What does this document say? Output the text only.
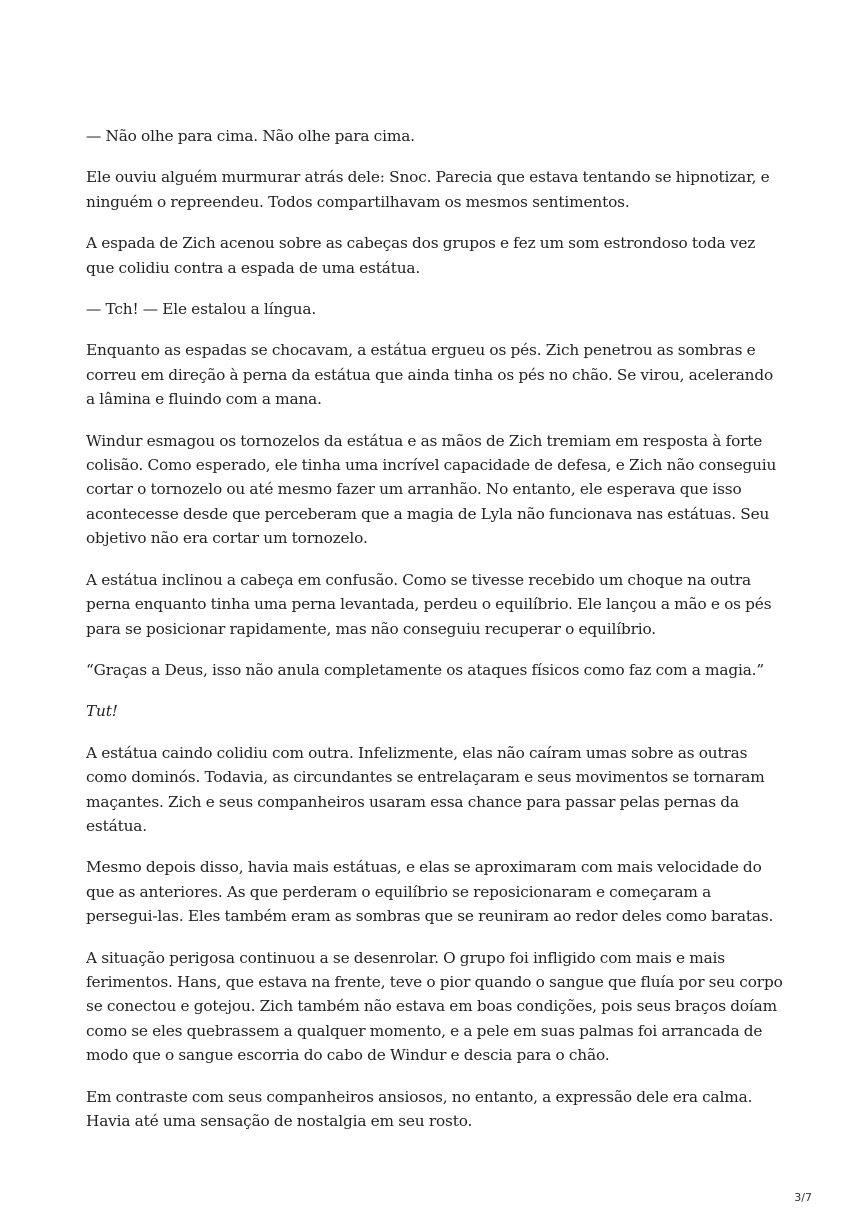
— Não olhe para cima. Não olhe para cima.

Ele ouviu alguém murmurar atrás dele: Snoc. Parecia que estava tentando se hipnotizar, e ninguém o repreendeu. Todos compartilhavam os mesmos sentimentos.

A espada de Zich acenou sobre as cabeças dos grupos e fez um som estrondoso toda vez que colidiu contra a espada de uma estátua.

— Tch! — Ele estalou a língua.

Enquanto as espadas se chocavam, a estátua ergueu os pés. Zich penetrou as sombras e correu em direção à perna da estátua que ainda tinha os pés no chão. Se virou, acelerando a lâmina e fluindo com a mana.

Windur esmagou os tornozelos da estátua e as mãos de Zich tremiam em resposta à forte colisão. Como esperado, ele tinha uma incrível capacidade de defesa, e Zich não conseguiu cortar o tornozelo ou até mesmo fazer um arranhão. No entanto, ele esperava que isso acontecesse desde que perceberam que a magia de Lyla não funcionava nas estátuas. Seu objetivo não era cortar um tornozelo.

A estátua inclinou a cabeça em confusão. Como se tivesse recebido um choque na outra perna enquanto tinha uma perna levantada, perdeu o equilíbrio. Ele lançou a mão e os pés para se posicionar rapidamente, mas não conseguiu recuperar o equilíbrio.

“Graças a Deus, isso não anula completamente os ataques físicos como faz com a magia.”

Tut!

A estátua caindo colidiu com outra. Infelizmente, elas não caíram umas sobre as outras como dominós. Todavia, as circundantes se entrelaçaram e seus movimentos se tornaram maçantes. Zich e seus companheiros usaram essa chance para passar pelas pernas da estátua.

Mesmo depois disso, havia mais estátuas, e elas se aproximaram com mais velocidade do que as anteriores. As que perderam o equilíbrio se reposicionaram e começaram a persegui-las. Eles também eram as sombras que se reuniram ao redor deles como baratas.

A situação perigosa continuou a se desenrolar. O grupo foi infligido com mais e mais ferimentos. Hans, que estava na frente, teve o pior quando o sangue que fluía por seu corpo se conectou e gotejou. Zich também não estava em boas condições, pois seus braços doíam como se eles quebrassem a qualquer momento, e a pele em suas palmas foi arrancada de modo que o sangue escorria do cabo de Windur e descia para o chão.

Em contraste com seus companheiros ansiosos, no entanto, a expressão dele era calma. Havia até uma sensação de nostalgia em seu rosto.

3/7
